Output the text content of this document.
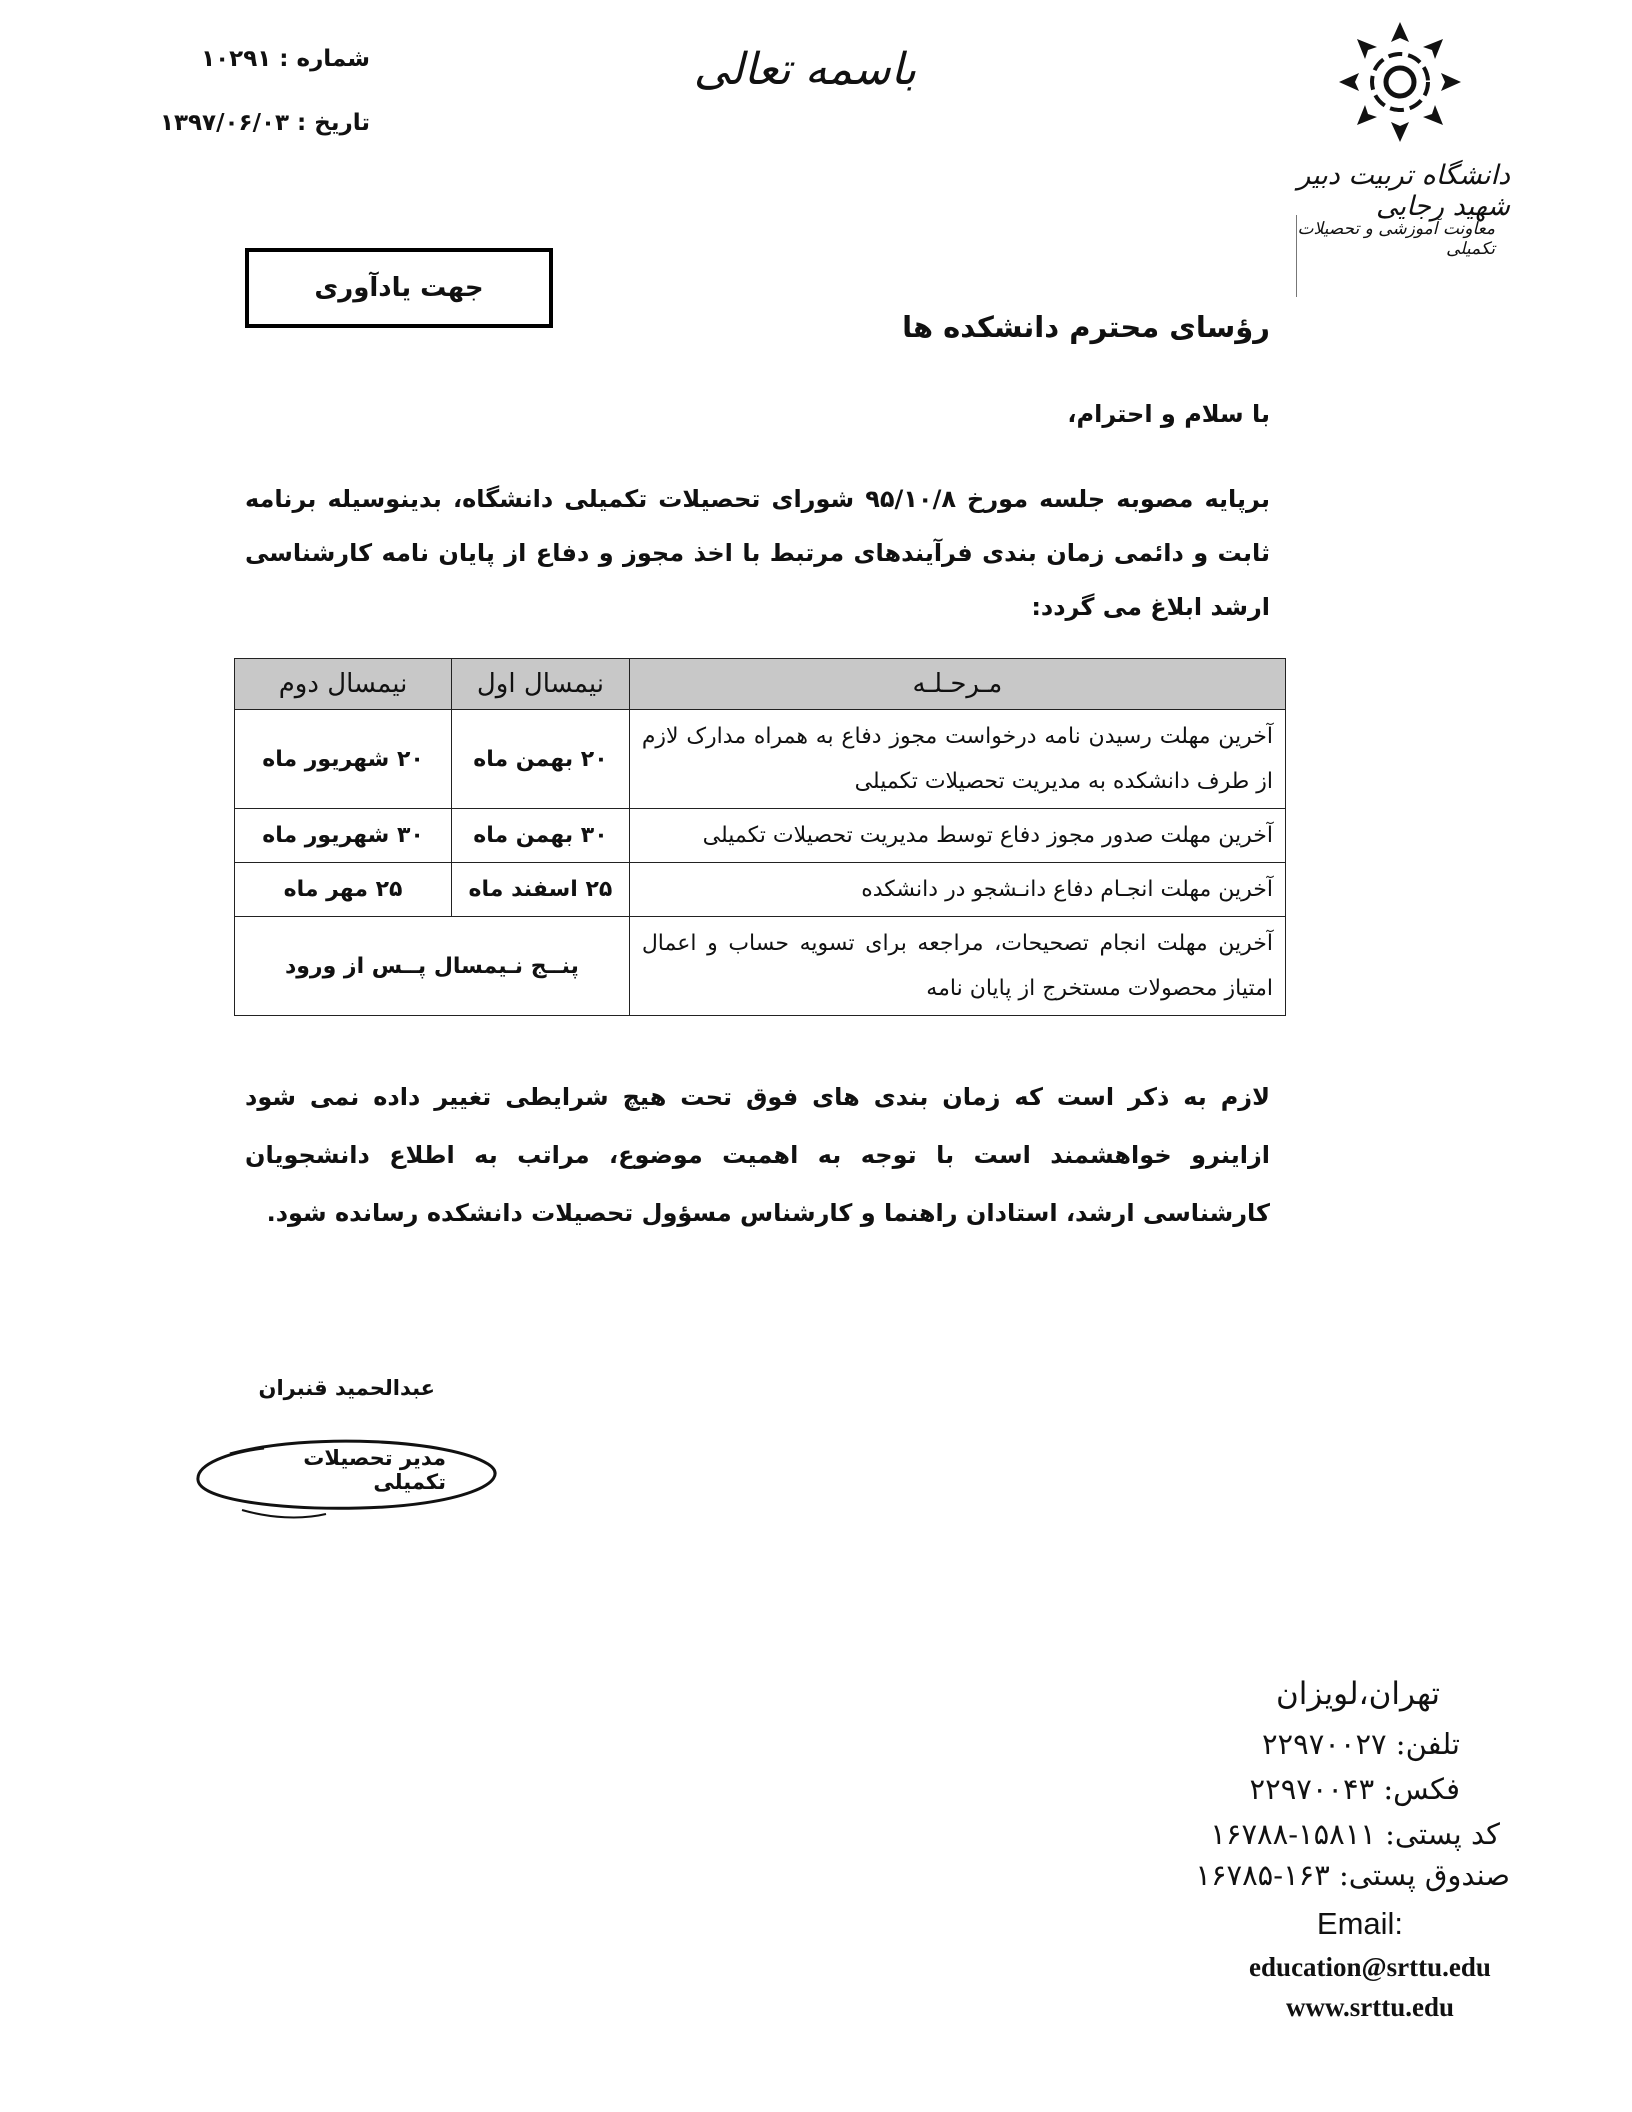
شماره : ۱۰۲۹۱
تاریخ : ۱۳۹۷/۰۶/۰۳
باسمه تعالی
دانشگاه تربیت دبیر شهید رجایی
معاونت آموزشی و تحصیلات تکمیلی
جهت یادآوری
رؤسای محترم دانشکده ها
با سلام و احترام،
برپایه مصوبه جلسه مورخ ۹۵/۱۰/۸ شورای تحصیلات تکمیلی دانشگاه، بدینوسیله برنامه ثابت و دائمی زمان بندی فرآیندهای مرتبط با اخذ مجوز و دفاع از پایان نامه کارشناسی ارشد ابلاغ می گردد:
مـرحـلـه	نیمسال اول	نیمسال دوم
آخرین مهلت رسیدن نامه درخواست مجوز دفاع به همراه مدارک لازم از طرف دانشکده به مدیریت تحصیلات تکمیلی	۲۰ بهمن ماه	۲۰ شهریور ماه
آخرین مهلت صدور مجوز دفاع توسط مدیریت تحصیلات تکمیلی	۳۰ بهمن ماه	۳۰ شهریور ماه
آخرین مهلت انجـام دفاع دانـشجو در دانشکده	۲۵ اسفند ماه	۲۵ مهر ماه
آخرین مهلت انجام تصحیحات، مراجعه برای تسویه حساب و اعمال امتیاز محصولات مستخرج از پایان نامه	پنــج نـیمسال پــس از ورود	
لازم به ذکر است که زمان بندی های فوق تحت هیچ شرایطی تغییر داده نمی شود ازاینرو خواهشمند است با توجه به اهمیت موضوع، مراتب به اطلاع دانشجویان کارشناسی ارشد، استادان راهنما و کارشناس مسؤول تحصیلات دانشکده رسانده شود.
عبدالحمید قنبران
مدیر تحصیلات تکمیلی
تهران،لویزان
تلفن: ۲۲۹۷۰۰۲۷
فکس: ۲۲۹۷۰۰۴۳
کد پستی: ۱۵۸۱۱-۱۶۷۸۸
صندوق پستی: ۱۶۳-۱۶۷۸۵
Email:
education@srttu.edu
www.srttu.edu
